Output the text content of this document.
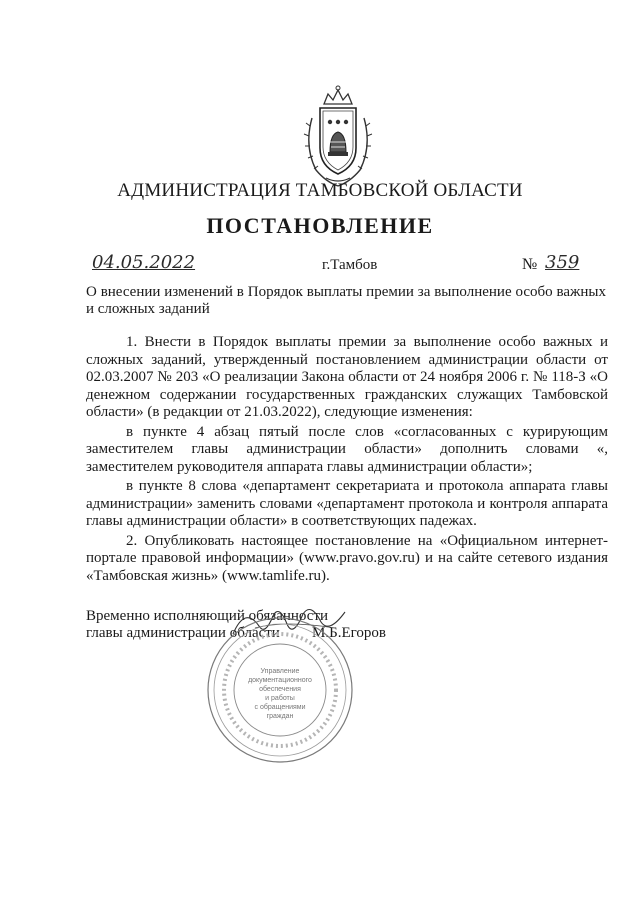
АДМИНИСТРАЦИЯ ТАМБОВСКОЙ ОБЛАСТИ
ПОСТАНОВЛЕНИЕ
04.05.2022	г.Тамбов	№ 359
О внесении изменений в Порядок выплаты премии за выполнение особо важных и сложных заданий

1. Внести в Порядок выплаты премии за выполнение особо важных и сложных заданий, утвержденный постановлением администрации области от 02.03.2007 № 203 «О реализации Закона области от 24 ноября 2006 г. № 118-З «О денежном содержании государственных гражданских служащих Тамбовской области» (в редакции от 21.03.2022), следующие изменения:

в пункте 4 абзац пятый после слов «согласованных с курирующим заместителем главы администрации области» дополнить словами «, заместителем руководителя аппарата главы администрации области»;

в пункте 8 слова «департамент секретариата и протокола аппарата главы администрации» заменить словами «департамент протокола и контроля аппарата главы администрации области» в соответствующих падежах.

2. Опубликовать настоящее постановление на «Официальном интернет-портале правовой информации» (www.pravo.gov.ru) и на сайте сетевого издания «Тамбовская жизнь» (www.tamlife.ru).

Временно исполняющий обязанности
главы администрации области	М.Б.Егоров
Управление
документационного
обеспечения
и работы
с обращениями
граждан
